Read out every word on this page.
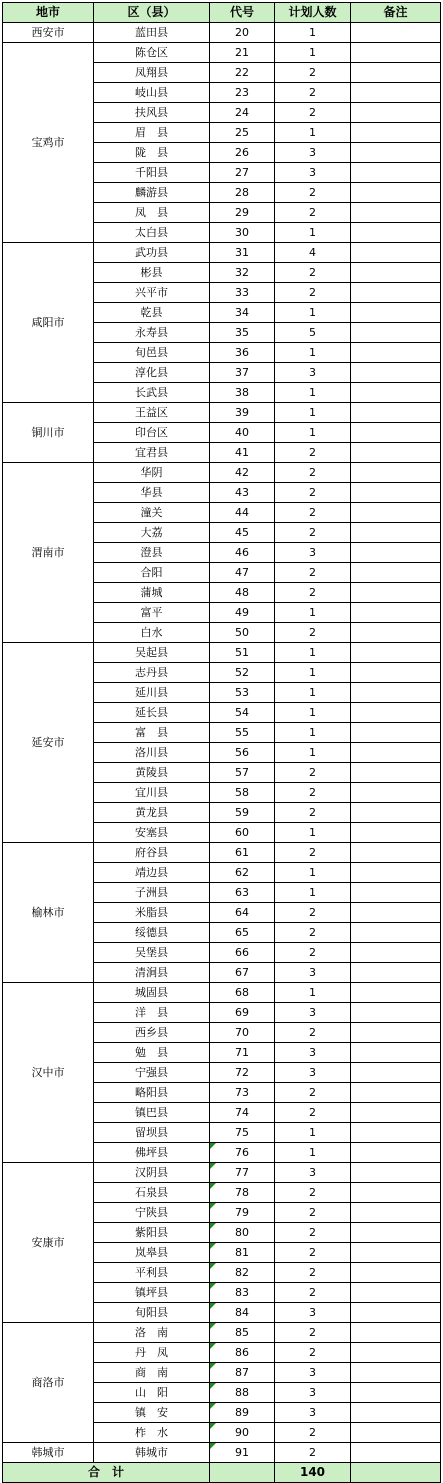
地市	区（县）	代号	计划人数	备注
西安市	蓝田县	20	1	
宝鸡市	陈仓区	21	1	
	凤翔县	22	2	
	岐山县	23	2	
	扶风县	24	2	
	眉　县	25	1	
	陇　县	26	3	
	千阳县	27	3	
	麟游县	28	2	
	凤　县	29	2	
	太白县	30	1	
咸阳市	武功县	31	4	
	彬县	32	2	
	兴平市	33	2	
	乾县	34	1	
	永寿县	35	5	
	旬邑县	36	1	
	淳化县	37	3	
	长武县	38	1	
铜川市	王益区	39	1	
	印台区	40	1	
	宜君县	41	2	
渭南市	华阴	42	2	
	华县	43	2	
	潼关	44	2	
	大荔	45	2	
	澄县	46	3	
	合阳	47	2	
	蒲城	48	2	
	富平	49	1	
	白水	50	2	
延安市	吴起县	51	1	
	志丹县	52	1	
	延川县	53	1	
	延长县	54	1	
	富　县	55	1	
	洛川县	56	1	
	黄陵县	57	2	
	宜川县	58	2	
	黄龙县	59	2	
	安塞县	60	1	
榆林市	府谷县	61	2	
	靖边县	62	1	
	子洲县	63	1	
	米脂县	64	2	
	绥德县	65	2	
	吴堡县	66	2	
	清涧县	67	3	
汉中市	城固县	68	1	
	洋　县	69	3	
	西乡县	70	2	
	勉　县	71	3	
	宁强县	72	3	
	略阳县	73	2	
	镇巴县	74	2	
	留坝县	75	1	
	佛坪县	76	1	
安康市	汉阴县	77	3	
	石泉县	78	2	
	宁陕县	79	2	
	紫阳县	80	2	
	岚皋县	81	2	
	平利县	82	2	
	镇坪县	83	2	
	旬阳县	84	3	
商洛市	洛　南	85	2	
	丹　凤	86	2	
	商　南	87	3	
	山　阳	88	3	
	镇　安	89	3	
	柞　水	90	2	
韩城市	韩城市	91	2	
合　计			140	
